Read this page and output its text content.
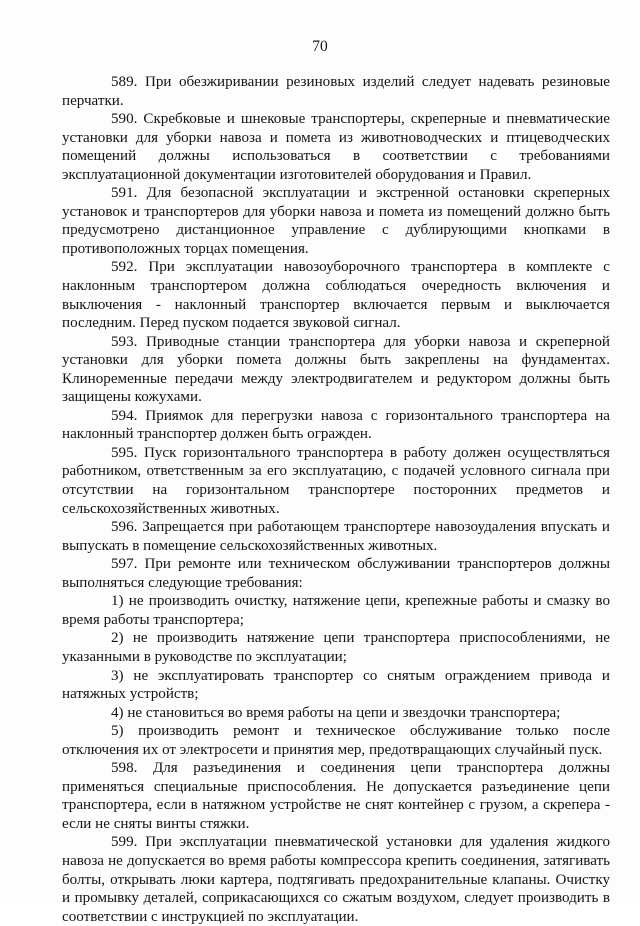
70

589. При обезжиривании резиновых изделий следует надевать резиновые перчатки.

590. Скребковые и шнековые транспортеры, скреперные и пневматические установки для уборки навоза и помета из животноводческих и птицеводческих помещений должны использоваться в соответствии с требованиями эксплуатационной документации изготовителей оборудования и Правил.

591. Для безопасной эксплуатации и экстренной остановки скреперных установок и транспортеров для уборки навоза и помета из помещений должно быть предусмотрено дистанционное управление с дублирующими кнопками в противоположных торцах помещения.

592. При эксплуатации навозоуборочного транспортера в комплекте с наклонным транспортером должна соблюдаться очередность включения и выключения - наклонный транспортер включается первым и выключается последним. Перед пуском подается звуковой сигнал.

593. Приводные станции транспортера для уборки навоза и скреперной установки для уборки помета должны быть закреплены на фундаментах. Клиноременные передачи между электродвигателем и редуктором должны быть защищены кожухами.

594. Приямок для перегрузки навоза с горизонтального транспортера на наклонный транспортер должен быть огражден.

595. Пуск горизонтального транспортера в работу должен осуществляться работником, ответственным за его эксплуатацию, с подачей условного сигнала при отсутствии на горизонтальном транспортере посторонних предметов и сельскохозяйственных животных.

596. Запрещается при работающем транспортере навозоудаления впускать и выпускать в помещение сельскохозяйственных животных.

597. При ремонте или техническом обслуживании транспортеров должны выполняться следующие требования:

1) не производить очистку, натяжение цепи, крепежные работы и смазку во время работы транспортера;

2) не производить натяжение цепи транспортера приспособлениями, не указанными в руководстве по эксплуатации;

3) не эксплуатировать транспортер со снятым ограждением привода и натяжных устройств;

4) не становиться во время работы на цепи и звездочки транспортера;

5) производить ремонт и техническое обслуживание только после отключения их от электросети и принятия мер, предотвращающих случайный пуск.

598. Для разъединения и соединения цепи транспортера должны применяться специальные приспособления. Не допускается разъединение цепи транспортера, если в натяжном устройстве не снят контейнер с грузом, а скрепера - если не сняты винты стяжки.

599. При эксплуатации пневматической установки для удаления жидкого навоза не допускается во время работы компрессора крепить соединения, затягивать болты, открывать люки картера, подтягивать предохранительные клапаны. Очистку и промывку деталей, соприкасающихся со сжатым воздухом, следует производить в соответствии с инструкцией по эксплуатации.
